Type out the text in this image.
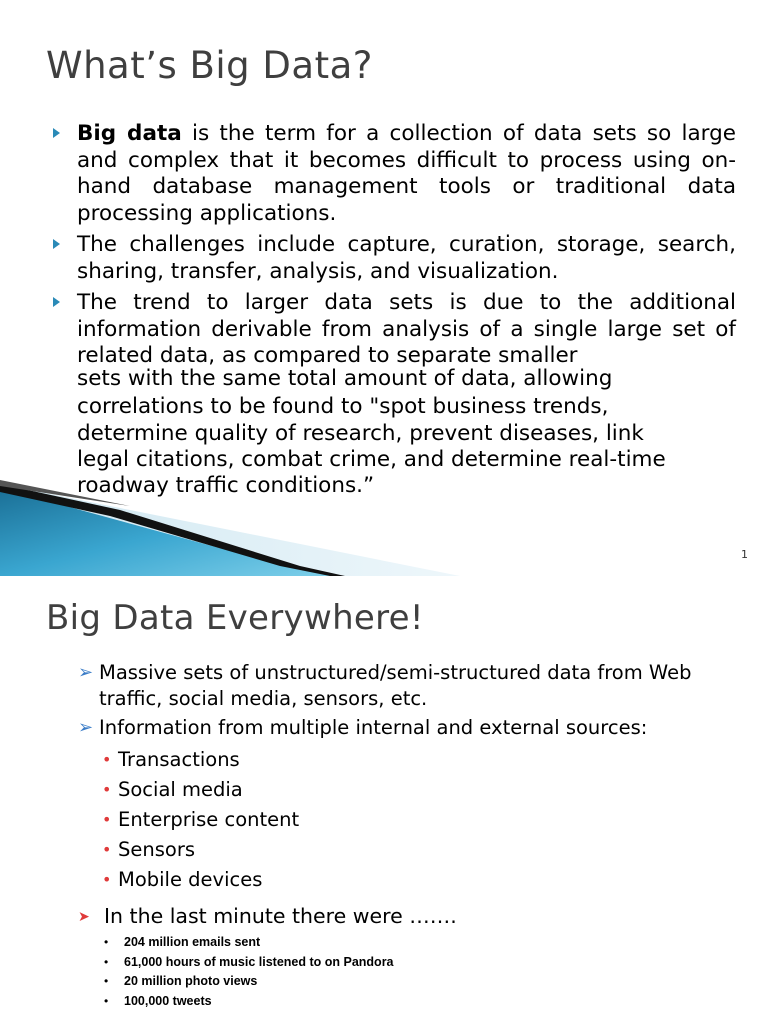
What’s Big Data?
Big data is the term for a collection of data sets so large and complex that it becomes difficult to process using on-hand database management tools or traditional data processing applications.
The challenges include capture, curation, storage, search, sharing, transfer, analysis, and visualization.
The trend to larger data sets is due to the additional information derivable from analysis of a single large set of related data, as compared to separate smaller
sets with the same total amount of data, allowing
correlations to be found to "spot business trends,
determine quality of research, prevent diseases, link
legal citations, combat crime, and determine real-time
roadway traffic conditions.”
1
Big Data Everywhere!
➢ Massive sets of unstructured/semi-structured data from Web traffic, social media, sensors, etc.
➢ Information from multiple internal and external sources:
• Transactions
• Social media
• Enterprise content
• Sensors
• Mobile devices
➤ In the last minute there were …….
• 204 million emails sent
• 61,000 hours of music listened to on Pandora
• 20 million photo views
• 100,000 tweets
